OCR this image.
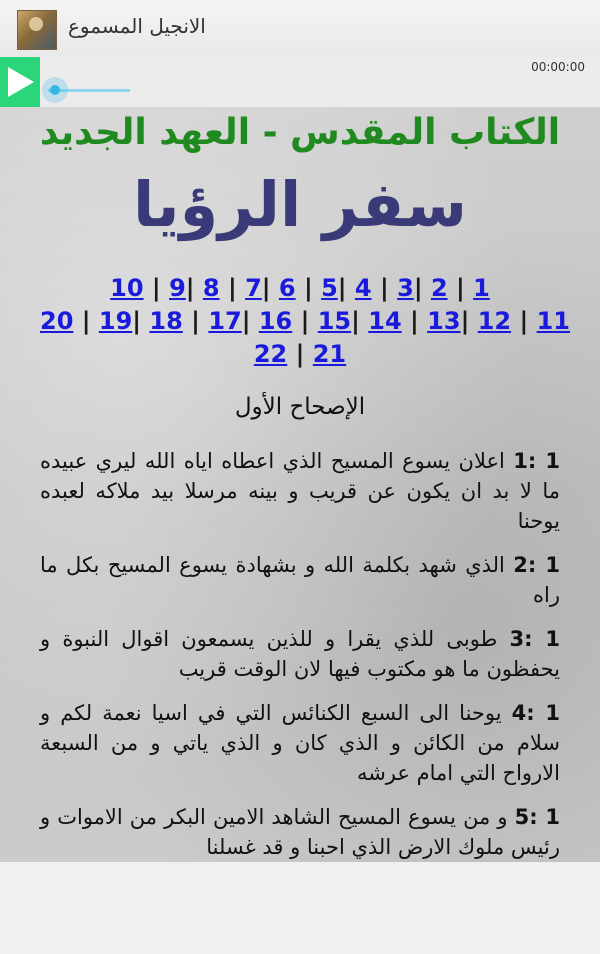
الانجيل المسموع
00:00:00
الكتاب المقدس - العهد الجديد
سفر الرؤيا
10 | 9| 8 | 7| 6 | 5| 4 | 3| 2 | 1
20 | 19| 18 | 17| 16 | 15| 14 | 13| 12 | 11
22 | 21
الإصحاح الأول

1 :1 اعلان يسوع المسيح الذي اعطاه اياه الله ليري عبيده ما لا بد ان يكون عن قريب و بينه مرسلا بيد ملاكه لعبده يوحنا

1 :2 الذي شهد بكلمة الله و بشهادة يسوع المسيح بكل ما راه

1 :3 طوبى للذي يقرا و للذين يسمعون اقوال النبوة و يحفظون ما هو مكتوب فيها لان الوقت قريب

1 :4 يوحنا الى السبع الكنائس التي في اسيا نعمة لكم و سلام من الكائن و الذي كان و الذي ياتي و من السبعة الارواح التي امام عرشه

1 :5 و من يسوع المسيح الشاهد الامين البكر من الاموات و رئيس ملوك الارض الذي احبنا و قد غسلنا
